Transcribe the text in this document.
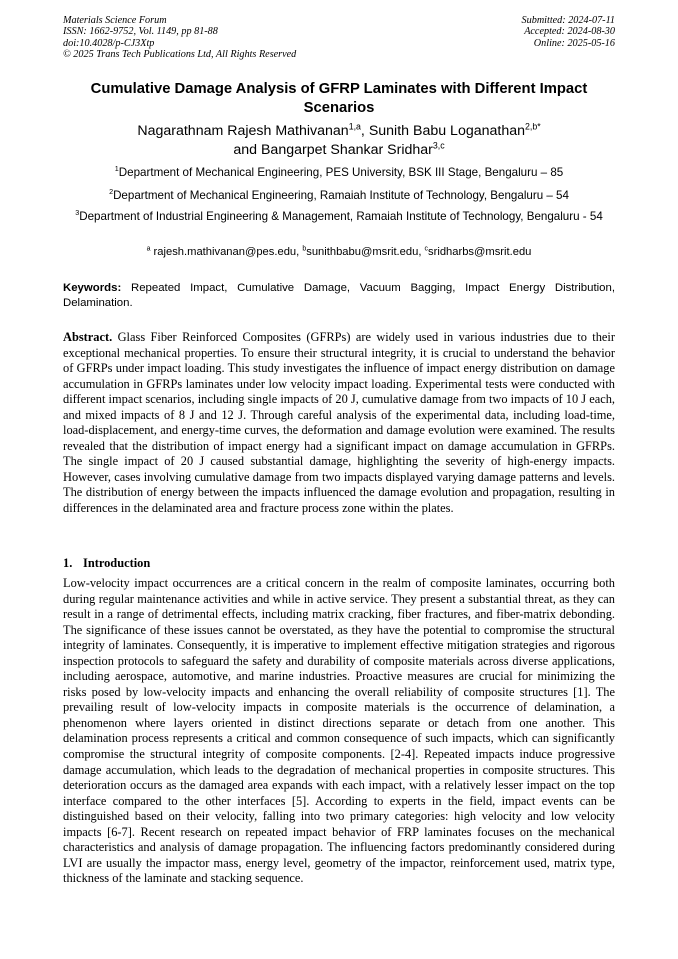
Materials Science Forum
ISSN: 1662-9752, Vol. 1149, pp 81-88
doi:10.4028/p-CJ3Xtp
© 2025 Trans Tech Publications Ltd, All Rights Reserved
Submitted: 2024-07-11
Accepted: 2024-08-30
Online: 2025-05-16
Cumulative Damage Analysis of GFRP Laminates with Different Impact Scenarios
Nagarathnam Rajesh Mathivanan$^{1,a}$, Sunith Babu Loganathan$^{2,b*}$
and Bangarpet Shankar Sridhar$^{3,c}$
$^1$Department of Mechanical Engineering, PES University, BSK III Stage, Bengaluru – 85
$^2$Department of Mechanical Engineering, Ramaiah Institute of Technology, Bengaluru – 54
$^3$Department of Industrial Engineering & Management, Ramaiah Institute of Technology, Bengaluru - 54
$^a$ rajesh.mathivanan@pes.edu, $^b$sunithbabu@msrit.edu, $^c$sridharbs@msrit.edu
Keywords: Repeated Impact, Cumulative Damage, Vacuum Bagging, Impact Energy Distribution, Delamination.
Abstract. Glass Fiber Reinforced Composites (GFRPs) are widely used in various industries due to their exceptional mechanical properties. To ensure their structural integrity, it is crucial to understand the behavior of GFRPs under impact loading. This study investigates the influence of impact energy distribution on damage accumulation in GFRPs laminates under low velocity impact loading. Experimental tests were conducted with different impact scenarios, including single impacts of 20 J, cumulative damage from two impacts of 10 J each, and mixed impacts of 8 J and 12 J. Through careful analysis of the experimental data, including load-time, load-displacement, and energy-time curves, the deformation and damage evolution were examined. The results revealed that the distribution of impact energy had a significant impact on damage accumulation in GFRPs. The single impact of 20 J caused substantial damage, highlighting the severity of high-energy impacts. However, cases involving cumulative damage from two impacts displayed varying damage patterns and levels. The distribution of energy between the impacts influenced the damage evolution and propagation, resulting in differences in the delaminated area and fracture process zone within the plates.
1. Introduction
Low-velocity impact occurrences are a critical concern in the realm of composite laminates, occurring both during regular maintenance activities and while in active service. They present a substantial threat, as they can result in a range of detrimental effects, including matrix cracking, fiber fractures, and fiber-matrix debonding. The significance of these issues cannot be overstated, as they have the potential to compromise the structural integrity of laminates. Consequently, it is imperative to implement effective mitigation strategies and rigorous inspection protocols to safeguard the safety and durability of composite materials across diverse applications, including aerospace, automotive, and marine industries. Proactive measures are crucial for minimizing the risks posed by low-velocity impacts and enhancing the overall reliability of composite structures [1]. The prevailing result of low-velocity impacts in composite materials is the occurrence of delamination, a phenomenon where layers oriented in distinct directions separate or detach from one another. This delamination process represents a critical and common consequence of such impacts, which can significantly compromise the structural integrity of composite components. [2-4]. Repeated impacts induce progressive damage accumulation, which leads to the degradation of mechanical properties in composite structures. This deterioration occurs as the damaged area expands with each impact, with a relatively lesser impact on the top interface compared to the other interfaces [5]. According to experts in the field, impact events can be distinguished based on their velocity, falling into two primary categories: high velocity and low velocity impacts [6-7]. Recent research on repeated impact behavior of FRP laminates focuses on the mechanical characteristics and analysis of damage propagation. The influencing factors predominantly considered during LVI are usually the impactor mass, energy level, geometry of the impactor, reinforcement used, matrix type, thickness of the laminate and stacking sequence.
